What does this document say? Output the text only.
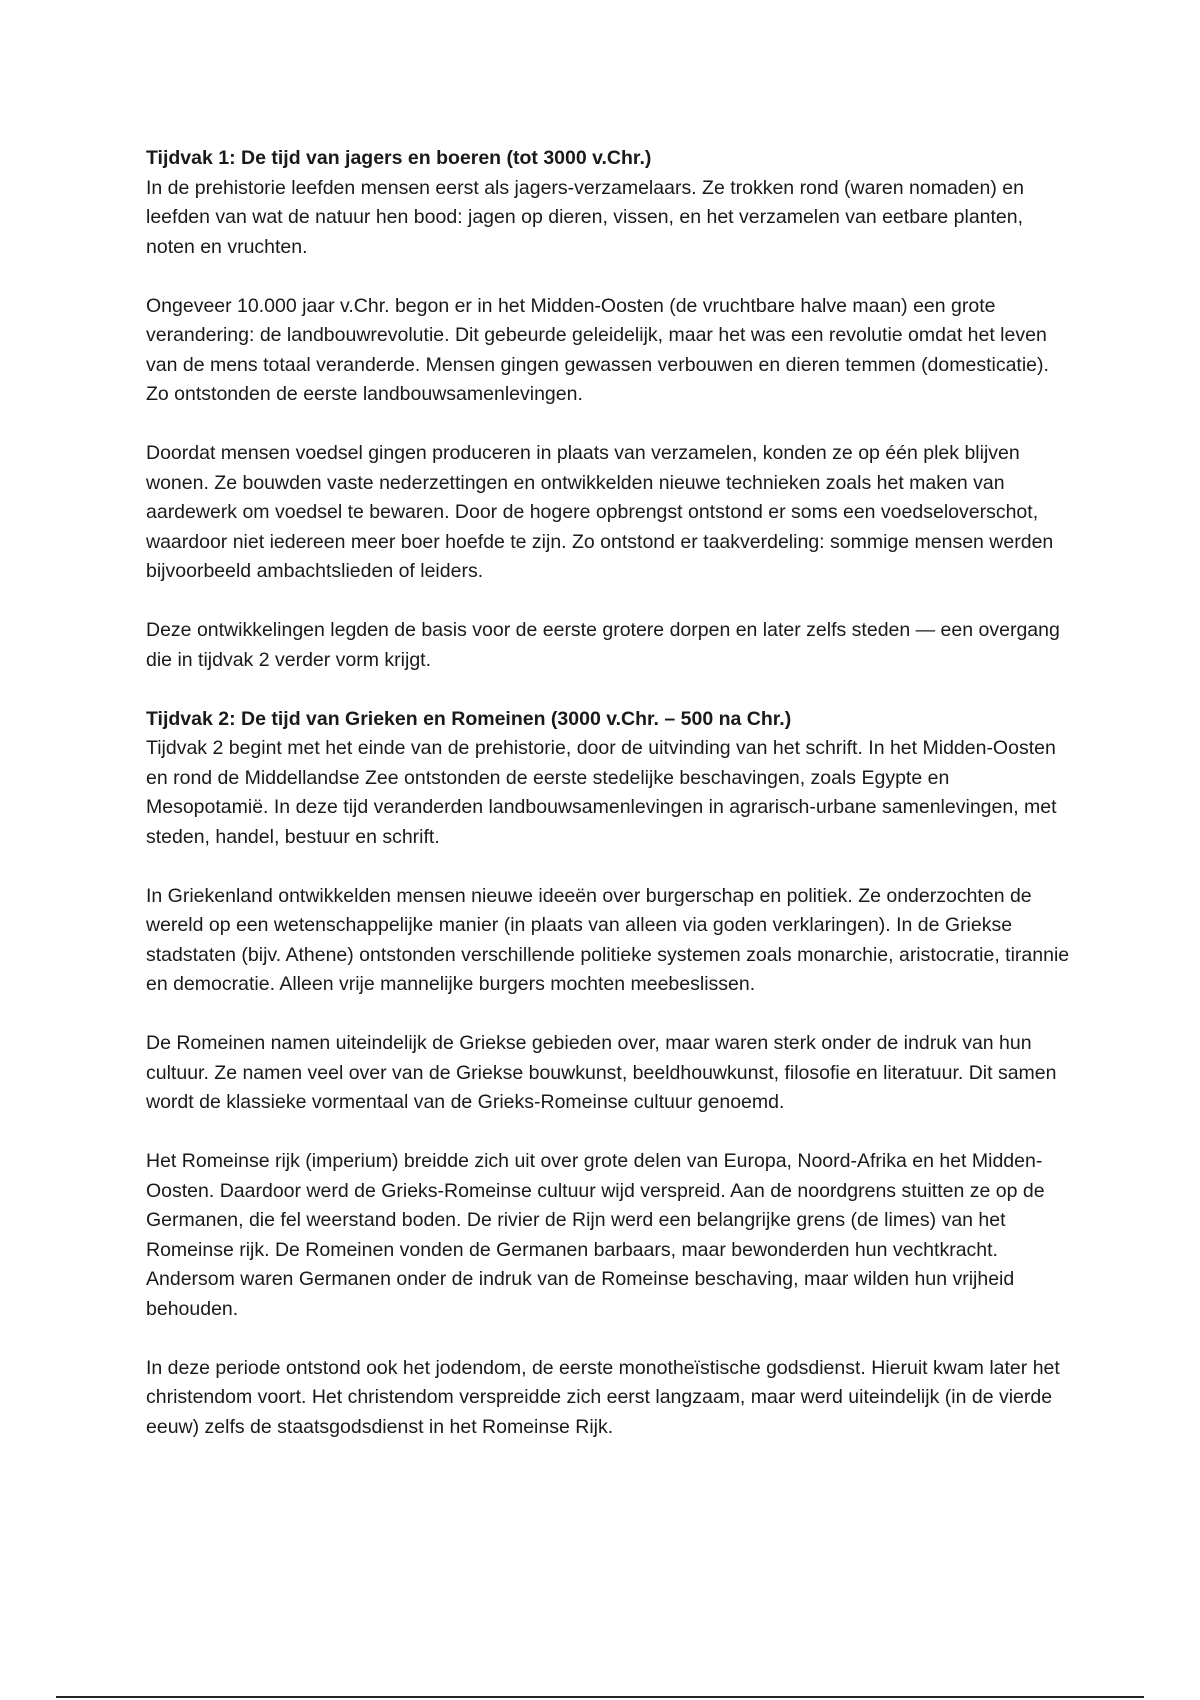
Tijdvak 1: De tijd van jagers en boeren (tot 3000 v.Chr.)

In de prehistorie leefden mensen eerst als jagers-verzamelaars. Ze trokken rond (waren nomaden) en leefden van wat de natuur hen bood: jagen op dieren, vissen, en het verzamelen van eetbare planten, noten en vruchten.

Ongeveer 10.000 jaar v.Chr. begon er in het Midden-Oosten (de vruchtbare halve maan) een grote verandering: de landbouwrevolutie. Dit gebeurde geleidelijk, maar het was een revolutie omdat het leven van de mens totaal veranderde. Mensen gingen gewassen verbouwen en dieren temmen (domesticatie). Zo ontstonden de eerste landbouwsamenlevingen.

Doordat mensen voedsel gingen produceren in plaats van verzamelen, konden ze op één plek blijven wonen. Ze bouwden vaste nederzettingen en ontwikkelden nieuwe technieken zoals het maken van aardewerk om voedsel te bewaren. Door de hogere opbrengst ontstond er soms een voedseloverschot, waardoor niet iedereen meer boer hoefde te zijn. Zo ontstond er taakverdeling: sommige mensen werden bijvoorbeeld ambachtslieden of leiders.

Deze ontwikkelingen legden de basis voor de eerste grotere dorpen en later zelfs steden — een overgang die in tijdvak 2 verder vorm krijgt.

Tijdvak 2: De tijd van Grieken en Romeinen (3000 v.Chr. – 500 na Chr.)

Tijdvak 2 begint met het einde van de prehistorie, door de uitvinding van het schrift. In het Midden-Oosten en rond de Middellandse Zee ontstonden de eerste stedelijke beschavingen, zoals Egypte en Mesopotamië. In deze tijd veranderden landbouwsamenlevingen in agrarisch-urbane samenlevingen, met steden, handel, bestuur en schrift.

In Griekenland ontwikkelden mensen nieuwe ideeën over burgerschap en politiek. Ze onderzochten de wereld op een wetenschappelijke manier (in plaats van alleen via goden verklaringen). In de Griekse stadstaten (bijv. Athene) ontstonden verschillende politieke systemen zoals monarchie, aristocratie, tirannie en democratie. Alleen vrije mannelijke burgers mochten meebeslissen.

De Romeinen namen uiteindelijk de Griekse gebieden over, maar waren sterk onder de indruk van hun cultuur. Ze namen veel over van de Griekse bouwkunst, beeldhouwkunst, filosofie en literatuur. Dit samen wordt de klassieke vormentaal van de Grieks-Romeinse cultuur genoemd.

Het Romeinse rijk (imperium) breidde zich uit over grote delen van Europa, Noord-Afrika en het Midden-Oosten. Daardoor werd de Grieks-Romeinse cultuur wijd verspreid. Aan de noordgrens stuitten ze op de Germanen, die fel weerstand boden. De rivier de Rijn werd een belangrijke grens (de limes) van het Romeinse rijk. De Romeinen vonden de Germanen barbaars, maar bewonderden hun vechtkracht. Andersom waren Germanen onder de indruk van de Romeinse beschaving, maar wilden hun vrijheid behouden.

In deze periode ontstond ook het jodendom, de eerste monotheïstische godsdienst. Hieruit kwam later het christendom voort. Het christendom verspreidde zich eerst langzaam, maar werd uiteindelijk (in de vierde eeuw) zelfs de staatsgodsdienst in het Romeinse Rijk.
